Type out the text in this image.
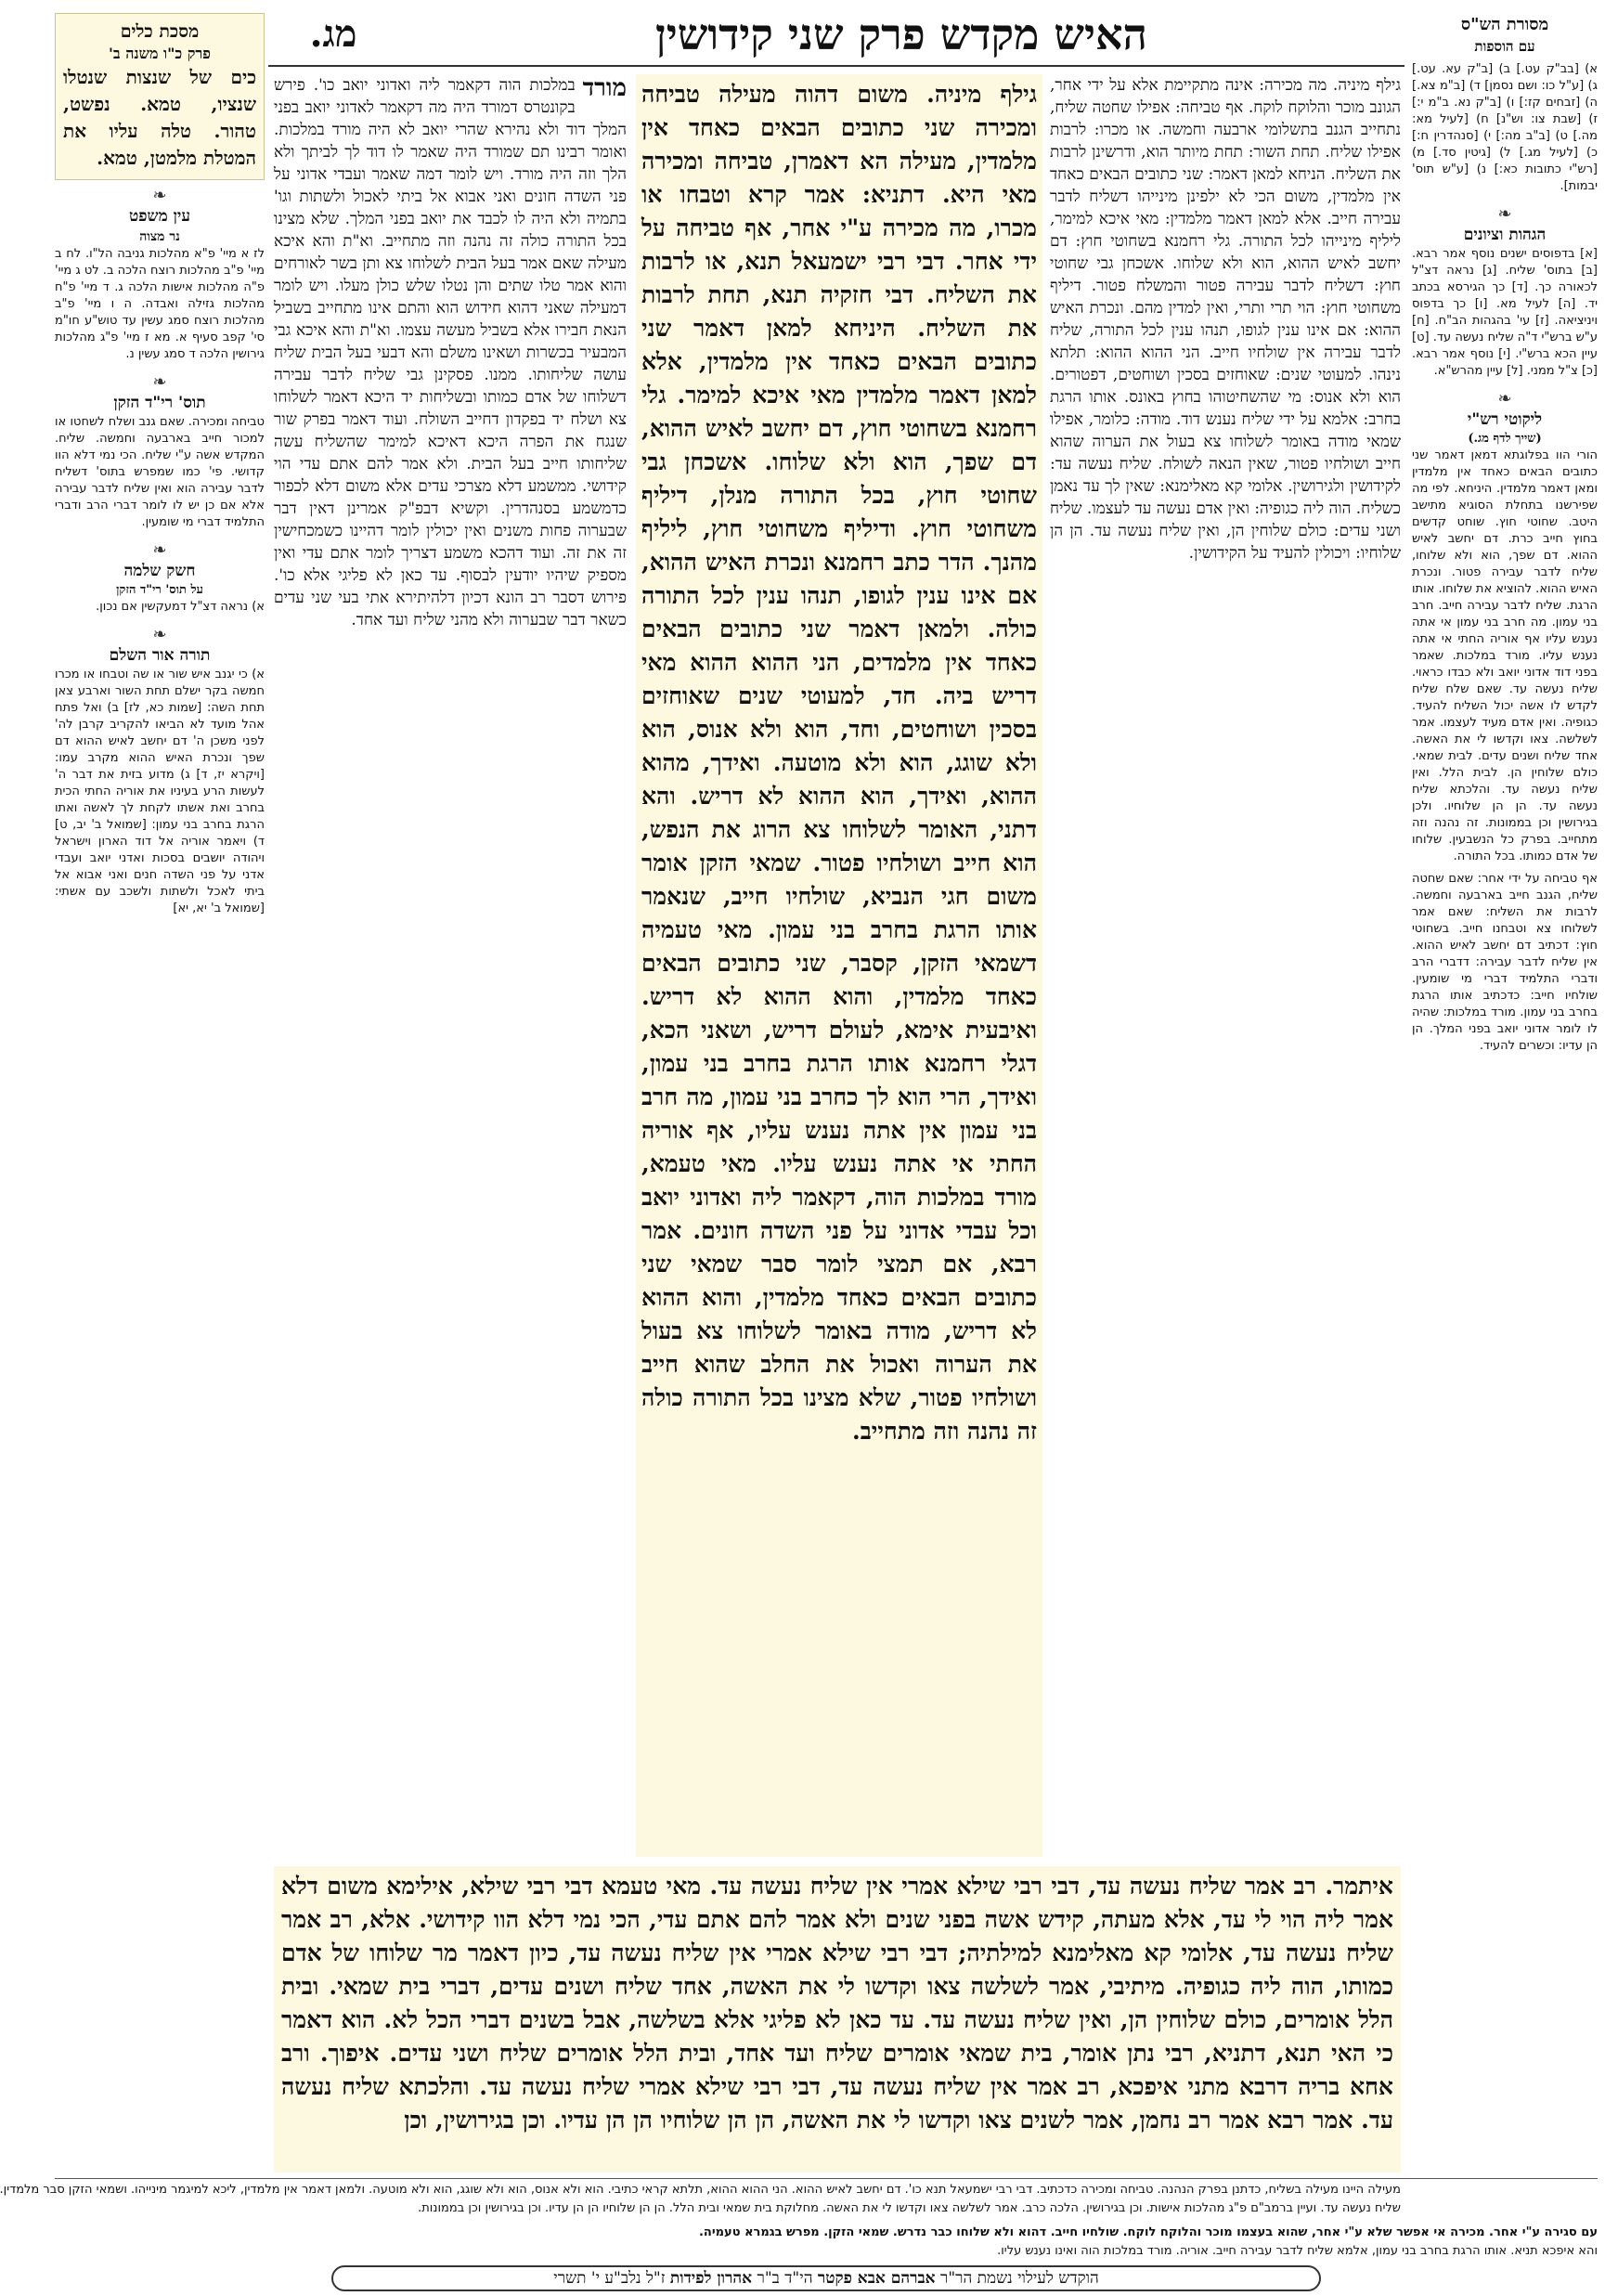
מסכת כלים
פרק כ"ו משנה ב'
כים של שנצות שנטלו שנציו, טמא. נפשט, טהור. טלה עליו את המטלת מלמטן, טמא.
מג.	האיש מקדש פרק שני קידושין	מסורת הש"ס
עם הוספות
❧
עין משפט
נר מצוה
לז א מיי' פ"א מהלכות גניבה הל"ו. לח ב מיי' פ"ב מהלכות רוצח הלכה ב. לט ג מיי' פ"ה מהלכות אישות הלכה ג. ד מיי' פ"ח מהלכות גזילה ואבדה. ה ו מיי' פ"ב מהלכות רוצח סמג עשין עד טוש"ע חו"מ סי' קפב סעיף א. מא ז מיי' פ"ג מהלכות גירושין הלכה ד סמג עשין נ.
❧
תוס' רי"ד הזקן
טביחה ומכירה. שאם גנב ושלח לשחטו או למכור חייב בארבעה וחמשה. שליח. המקדש אשה ע"י שליח. הכי נמי דלא הוו קדושי. פי' כמו שמפרש בתוס' דשליח לדבר עבירה הוא ואין שליח לדבר עבירה אלא אם כן יש לו לומר דברי הרב ודברי התלמיד דברי מי שומעין.
❧
חשק שלמה
על תוס' רי"ד הזקן
א) נראה דצ"ל דמעקשין אם נכון.
❧
תורה אור השלם
א) כי יגנב איש שור או שה וטבחו או מכרו חמשה בקר ישלם תחת השור וארבע צאן תחת השה: [שמות כא, לז] ב) ואל פתח אהל מועד לא הביאו להקריב קרבן לה' לפני משכן ה' דם יחשב לאיש ההוא דם שפך ונכרת האיש ההוא מקרב עמו: [ויקרא יז, ד] ג) מדוע בזית את דבר ה' לעשות הרע בעיניו את אוריה החתי הכית בחרב ואת אשתו לקחת לך לאשה ואתו הרגת בחרב בני עמון: [שמואל ב' יב, ט] ד) ויאמר אוריה אל דוד הארון וישראל ויהודה יושבים בסכות ואדני יואב ועבדי אדני על פני השדה חנים ואני אבוא אל ביתי לאכל ולשתות ולשכב עם אשתי: [שמואל ב' יא, יא]
מורד
במלכות הוה דקאמר ליה ואדוני יואב כו'. פירש בקונטרס דמורד היה מה דקאמר לאדוני יואב בפני המלך דוד ולא נהירא שהרי יואב לא היה מורד במלכות. ואומר רבינו תם שמורד היה שאמר לו דוד לך לביתך ולא הלך וזה היה מורד. ויש לומר דמה שאמר ועבדי אדוני על פני השדה חונים ואני אבוא אל ביתי לאכול ולשתות וגו' בתמיה ולא היה לו לכבד את יואב בפני המלך. שלא מצינו בכל התורה כולה זה נהנה וזה מתחייב. וא"ת והא איכא מעילה שאם אמר בעל הבית לשלוחו צא ותן בשר לאורחים והוא אמר טלו שתים והן נטלו שלש כולן מעלו. ויש לומר דמעילה שאני דהוא חידוש הוא והתם אינו מתחייב בשביל הנאת חבירו אלא בשביל מעשה עצמו. וא"ת והא איכא גבי המבעיר בכשרות ושאינו משלם והא דבעי בעל הבית שליח עושה שליחותו. ממנו. פסקינן גבי שליח לדבר עבירה דשלוחו של אדם כמותו ובשליחות יד היכא דאמר לשלוחו צא ושלח יד בפקדון דחייב השולח. ועוד דאמר בפרק שור שנגח את הפרה היכא דאיכא למימר שהשליח עשה שליחותו חייב בעל הבית. ולא אמר להם אתם עדי הוי קידושי. ממשמע דלא מצרכי עדים אלא משום דלא לכפור כדמשמע בסנהדרין. וקשיא דבפ"ק אמרינן דאין דבר שבערוה פחות משנים ואין יכולין לומר דהיינו כשמכחישין זה את זה. ועוד דהכא משמע דצריך לומר אתם עדי ואין מספיק שיהיו יודעין לבסוף. עד כאן לא פליגי אלא כו'. פירוש דסבר רב הונא דכיון דלהיתירא אתי בעי שני עדים כשאר דבר שבערוה ולא מהני שליח ועד אחד.
גילף מיניה. מה מכירה: אינה מתקיימת אלא על ידי אחר, הגונב מוכר והלוקח לוקח. אף טביחה: אפילו שחטה שליח, נתחייב הגנב בתשלומי ארבעה וחמשה. או מכרו: לרבות אפילו שליח. תחת השור: תחת מיותר הוא, ודרשינן לרבות את השליח. הניחא למאן דאמר: שני כתובים הבאים כאחד אין מלמדין, משום הכי לא ילפינן מינייהו דשליח לדבר עבירה חייב. אלא למאן דאמר מלמדין: מאי איכא למימר, ליליף מינייהו לכל התורה. גלי רחמנא בשחוטי חוץ: דם יחשב לאיש ההוא, הוא ולא שלוחו. אשכחן גבי שחוטי חוץ: דשליח לדבר עבירה פטור והמשלח פטור. דיליף משחוטי חוץ: הוי תרי ותרי, ואין למדין מהם. ונכרת האיש ההוא: אם אינו ענין לגופו, תנהו ענין לכל התורה, שליח לדבר עבירה אין שולחיו חייב. הני ההוא ההוא: תלתא נינהו. למעוטי שנים: שאוחזים בסכין ושוחטים, דפטורים. הוא ולא אנוס: מי שהשחיטוהו בחוץ באונס. אותו הרגת בחרב: אלמא על ידי שליח נענש דוד. מודה: כלומר, אפילו שמאי מודה באומר לשלוחו צא בעול את הערוה שהוא חייב ושולחיו פטור, שאין הנאה לשולח. שליח נעשה עד: לקידושין ולגירושין. אלומי קא מאלימנא: שאין לך עד נאמן כשליח. הוה ליה כגופיה: ואין אדם נעשה עד לעצמו. שליח ושני עדים: כולם שלוחין הן, ואין שליח נעשה עד. הן הן שלוחיו: ויכולין להעיד על הקידושין.
גילף מיניה. משום דהוה מעילה טביחה ומכירה שני כתובים הבאים כאחד אין מלמדין, מעילה הא דאמרן, טביחה ומכירה מאי היא. דתניא: אמר קרא וטבחו או מכרו, מה מכירה ע"י אחר, אף טביחה על ידי אחר. דבי רבי ישמעאל תנא, או לרבות את השליח. דבי חזקיה תנא, תחת לרבות את השליח. היניחא למאן דאמר שני כתובים הבאים כאחד אין מלמדין, אלא למאן דאמר מלמדין מאי איכא למימר. גלי רחמנא בשחוטי חוץ, דם יחשב לאיש ההוא, דם שפך, הוא ולא שלוחו. אשכחן גבי שחוטי חוץ, בכל התורה מנלן, דיליף משחוטי חוץ. ודיליף משחוטי חוץ, ליליף מהנך. הדר כתב רחמנא ונכרת האיש ההוא, אם אינו ענין לגופו, תנהו ענין לכל התורה כולה. ולמאן דאמר שני כתובים הבאים כאחד אין מלמדים, הני ההוא ההוא מאי דריש ביה. חד, למעוטי שנים שאוחזים בסכין ושוחטים, וחד, הוא ולא אנוס, הוא ולא שוגג, הוא ולא מוטעה. ואידך, מהוא ההוא, ואידך, הוא ההוא לא דריש. והא דתני, האומר לשלוחו צא הרוג את הנפש, הוא חייב ושולחיו פטור. שמאי הזקן אומר משום חגי הנביא, שולחיו חייב, שנאמר אותו הרגת בחרב בני עמון. מאי טעמיה דשמאי הזקן, קסבר, שני כתובים הבאים כאחד מלמדין, והוא ההוא לא דריש. ואיבעית אימא, לעולם דריש, ושאני הכא, דגלי רחמנא אותו הרגת בחרב בני עמון, ואידך, הרי הוא לך כחרב בני עמון, מה חרב בני עמון אין אתה נענש עליו, אף אוריה החתי אי אתה נענש עליו. מאי טעמא, מורד במלכות הוה, דקאמר ליה ואדוני יואב וכל עבדי אדוני על פני השדה חונים. אמר רבא, אם תמצי לומר סבר שמאי שני כתובים הבאים כאחד מלמדין, והוא ההוא לא דריש, מודה באומר לשלוחו צא בעול את הערוה ואכול את החלב שהוא חייב ושולחיו פטור, שלא מצינו בכל התורה כולה זה נהנה וזה מתחייב.
איתמר. רב אמר שליח נעשה עד, דבי רבי שילא אמרי אין שליח נעשה עד. מאי טעמא דבי רבי שילא, אילימא משום דלא אמר ליה הוי לי עד, אלא מעתה, קידש אשה בפני שנים ולא אמר להם אתם עדי, הכי נמי דלא הוו קידושי. אלא, רב אמר שליח נעשה עד, אלומי קא מאלימנא למילתיה; דבי רבי שילא אמרי אין שליח נעשה עד, כיון דאמר מר שלוחו של אדם כמותו, הוה ליה כגופיה. מיתיבי, אמר לשלשה צאו וקדשו לי את האשה, אחד שליח ושנים עדים, דברי בית שמאי. ובית הלל אומרים, כולם שלוחין הן, ואין שליח נעשה עד. עד כאן לא פליגי אלא בשלשה, אבל בשנים דברי הכל לא. הוא דאמר כי האי תנא, דתניא, רבי נתן אומר, בית שמאי אומרים שליח ועד אחד, ובית הלל אומרים שליח ושני עדים. איפוך. ורב אחא בריה דרבא מתני איפכא, רב אמר אין שליח נעשה עד, דבי רבי שילא אמרי שליח נעשה עד. והלכתא שליח נעשה עד. אמר רבא אמר רב נחמן, אמר לשנים צאו וקדשו לי את האשה, הן הן שלוחיו הן הן עדיו. וכן בגירושין, וכן
א) [בב"ק עט.] ב) [ב"ק עא. עט.] ג) [ע"ל כו: ושם נסמן] ד) [ב"מ צא.] ה) [זבחים קז:] ו) [ב"ק נא. ב"מ י:] ז) [שבת צו: וש"נ] ח) [לעיל מא: מה.] ט) [ב"ב מה:] י) [סנהדרין ח:] כ) [לעיל מג.] ל) [גיטין סד.] מ) [רש"י כתובות כא:] נ) [ע"ש תוס' יבמות].
❧
הגהות וציונים
[א] בדפוסים ישנים נוסף אמר רבא. [ב] בתוס' שליח. [ג] נראה דצ"ל לכאורה כך. [ד] כך הגירסא בכתב יד. [ה] לעיל מא. [ו] כך בדפוס ויניציאה. [ז] עי' בהגהות הב"ח. [ח] ע"ש ברש"י ד"ה שליח נעשה עד. [ט] עיין הכא ברש"י. [י] נוסף אמר רבא. [כ] צ"ל ממני. [ל] עיין מהרש"א.
❧
ליקוטי רש"י
(שייך לדף מג.)
הורי הוו בפלוגתא דמאן דאמר שני כתובים הבאים כאחד אין מלמדין ומאן דאמר מלמדין. היניחא. לפי מה שפירשנו בתחלת הסוגיא מתישב היטב. שחוטי חוץ. שוחט קדשים בחוץ חייב כרת. דם יחשב לאיש ההוא. דם שפך, הוא ולא שלוחו, שליח לדבר עבירה פטור. ונכרת האיש ההוא. להוציא את שלוחו. אותו הרגת. שליח לדבר עבירה חייב. חרב בני עמון. מה חרב בני עמון אי אתה נענש עליו אף אוריה החתי אי אתה נענש עליו. מורד במלכות. שאמר בפני דוד אדוני יואב ולא כבדו כראוי. שליח נעשה עד. שאם שלח שליח לקדש לו אשה יכול השליח להעיד. כגופיה. ואין אדם מעיד לעצמו. אמר לשלשה. צאו וקדשו לי את האשה. אחד שליח ושנים עדים. לבית שמאי. כולם שלוחין הן. לבית הלל. ואין שליח נעשה עד. והלכתא שליח נעשה עד. הן הן שלוחיו. ולכן בגירושין וכן בממונות. זה נהנה וזה מתחייב. בפרק כל הנשבעין. שלוחו של אדם כמותו. בכל התורה.
אף טביחה על ידי אחר: שאם שחטה שליח, הגנב חייב בארבעה וחמשה. לרבות את השליח: שאם אמר לשלוחו צא וטבחנו חייב. בשחוטי חוץ: דכתיב דם יחשב לאיש ההוא. אין שליח לדבר עבירה: דדברי הרב ודברי התלמיד דברי מי שומעין. שולחיו חייב: כדכתיב אותו הרגת בחרב בני עמון. מורד במלכות: שהיה לו לומר אדוני יואב בפני המלך. הן הן עדיו: וכשרים להעיד.
מעילה היינו מעילה בשליח, כדתנן בפרק הנהנה. טביחה ומכירה כדכתיב. דבי רבי ישמעאל תנא כו'. דם יחשב לאיש ההוא. הני ההוא ההוא, תלתא קראי כתיבי. הוא ולא אנוס, הוא ולא שוגג, הוא ולא מוטעה. ולמאן דאמר אין מלמדין, ליכא למיגמר מינייהו. ושמאי הזקן סבר מלמדין.
שליח נעשה עד. ועיין ברמב"ם פ"ג מהלכות אישות. וכן בגירושין. הלכה כרב. אמר לשלשה צאו וקדשו לי את האשה. מחלוקת בית שמאי ובית הלל. הן הן שלוחיו הן הן עדיו. וכן בגירושין וכן בממונות.
עם סגירה ע"י אחר. מכירה אי אפשר שלא ע"י אחר, שהוא בעצמו מוכר והלוקח לוקח. שולחיו חייב. דהוא ולא שלוחו כבר נדרש. שמאי הזקן. מפרש בגמרא טעמיה.
והא איפכא תניא. אותו הרגת בחרב בני עמון, אלמא שליח לדבר עבירה חייב. אוריה. מורד במלכות הוה ואינו נענש עליו.
הוקדש לעילוי נשמת הר"ר אברהם אבא פקטר הי"ד ב"ר אהרון לפידות ז"ל נלב"ע י' תשרי
